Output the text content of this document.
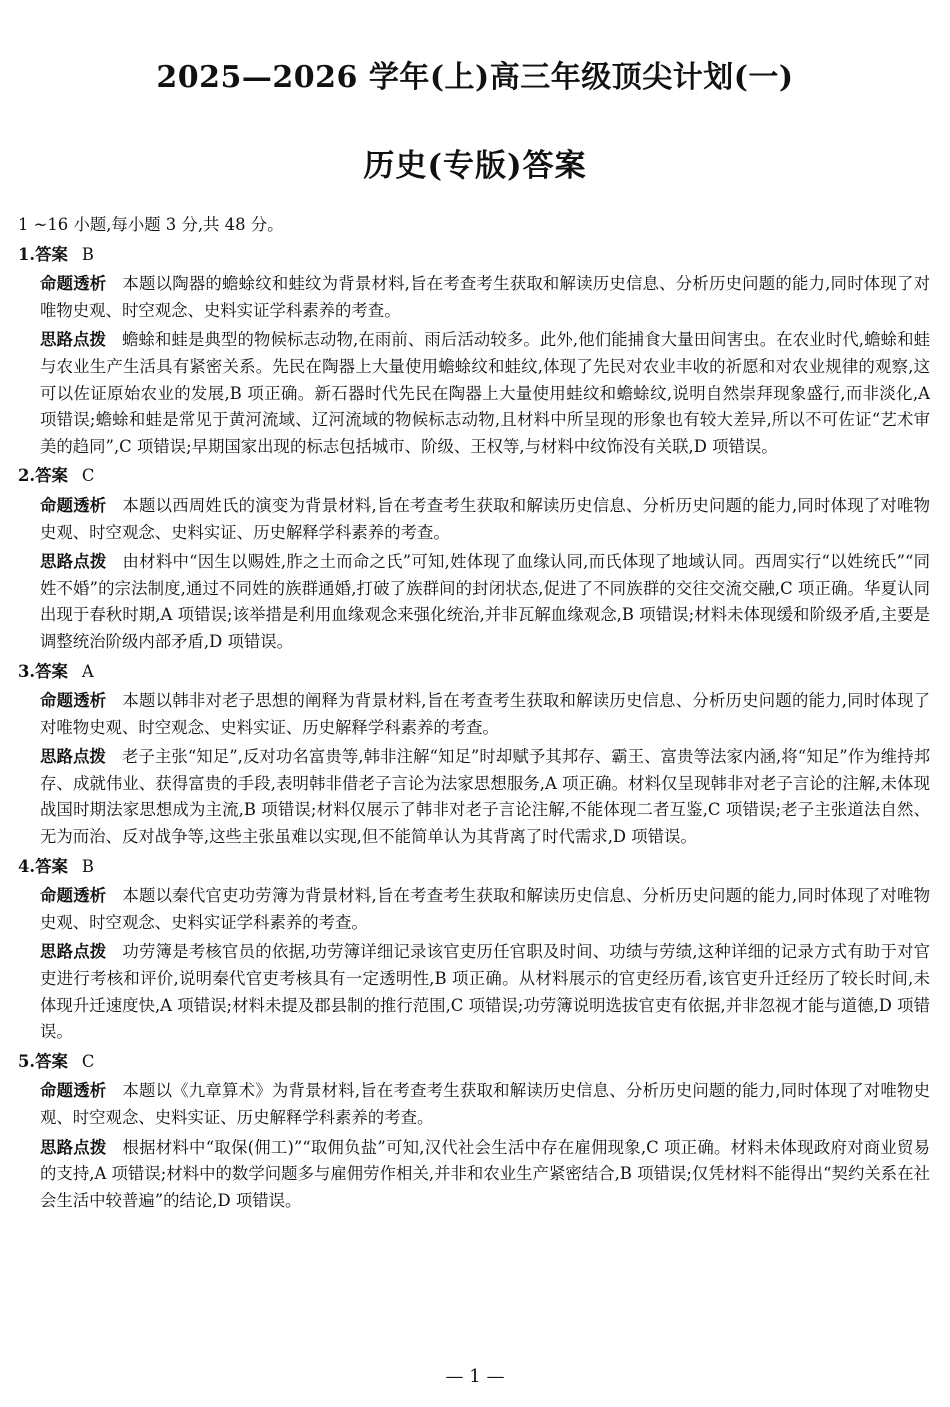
2025—2026 学年(上)高三年级顶尖计划(一)
历史(专版)答案
1 ~16 小题,每小题 3 分,共 48 分。
1.答案 B
命题透析 本题以陶器的蟾蜍纹和蛙纹为背景材料,旨在考查考生获取和解读历史信息、分析历史问题的能力,同时体现了对唯物史观、时空观念、史料实证学科素养的考查。
思路点拨 蟾蜍和蛙是典型的物候标志动物,在雨前、雨后活动较多。此外,他们能捕食大量田间害虫。在农业时代,蟾蜍和蛙与农业生产生活具有紧密关系。先民在陶器上大量使用蟾蜍纹和蛙纹,体现了先民对农业丰收的祈愿和对农业规律的观察,这可以佐证原始农业的发展,B 项正确。新石器时代先民在陶器上大量使用蛙纹和蟾蜍纹,说明自然崇拜现象盛行,而非淡化,A 项错误;蟾蜍和蛙是常见于黄河流域、辽河流域的物候标志动物,且材料中所呈现的形象也有较大差异,所以不可佐证“艺术审美的趋同”,C 项错误;早期国家出现的标志包括城市、阶级、王权等,与材料中纹饰没有关联,D 项错误。
2.答案 C
命题透析 本题以西周姓氏的演变为背景材料,旨在考查考生获取和解读历史信息、分析历史问题的能力,同时体现了对唯物史观、时空观念、史料实证、历史解释学科素养的考查。
思路点拨 由材料中“因生以赐姓,胙之土而命之氏”可知,姓体现了血缘认同,而氏体现了地域认同。西周实行“以姓统氏”“同姓不婚”的宗法制度,通过不同姓的族群通婚,打破了族群间的封闭状态,促进了不同族群的交往交流交融,C 项正确。华夏认同出现于春秋时期,A 项错误;该举措是利用血缘观念来强化统治,并非瓦解血缘观念,B 项错误;材料未体现缓和阶级矛盾,主要是调整统治阶级内部矛盾,D 项错误。
3.答案 A
命题透析 本题以韩非对老子思想的阐释为背景材料,旨在考查考生获取和解读历史信息、分析历史问题的能力,同时体现了对唯物史观、时空观念、史料实证、历史解释学科素养的考查。
思路点拨 老子主张“知足”,反对功名富贵等,韩非注解“知足”时却赋予其邦存、霸王、富贵等法家内涵,将“知足”作为维持邦存、成就伟业、获得富贵的手段,表明韩非借老子言论为法家思想服务,A 项正确。材料仅呈现韩非对老子言论的注解,未体现战国时期法家思想成为主流,B 项错误;材料仅展示了韩非对老子言论注解,不能体现二者互鉴,C 项错误;老子主张道法自然、无为而治、反对战争等,这些主张虽难以实现,但不能简单认为其背离了时代需求,D 项错误。
4.答案 B
命题透析 本题以秦代官吏功劳簿为背景材料,旨在考查考生获取和解读历史信息、分析历史问题的能力,同时体现了对唯物史观、时空观念、史料实证学科素养的考查。
思路点拨 功劳簿是考核官员的依据,功劳簿详细记录该官吏历任官职及时间、功绩与劳绩,这种详细的记录方式有助于对官吏进行考核和评价,说明秦代官吏考核具有一定透明性,B 项正确。从材料展示的官吏经历看,该官吏升迁经历了较长时间,未体现升迁速度快,A 项错误;材料未提及郡县制的推行范围,C 项错误;功劳簿说明选拔官吏有依据,并非忽视才能与道德,D 项错误。
5.答案 C
命题透析 本题以《九章算术》为背景材料,旨在考查考生获取和解读历史信息、分析历史问题的能力,同时体现了对唯物史观、时空观念、史料实证、历史解释学科素养的考查。
思路点拨 根据材料中“取保(佣工)”“取佣负盐”可知,汉代社会生活中存在雇佣现象,C 项正确。材料未体现政府对商业贸易的支持,A 项错误;材料中的数学问题多与雇佣劳作相关,并非和农业生产紧密结合,B 项错误;仅凭材料不能得出“契约关系在社会生活中较普遍”的结论,D 项错误。
— 1 —
